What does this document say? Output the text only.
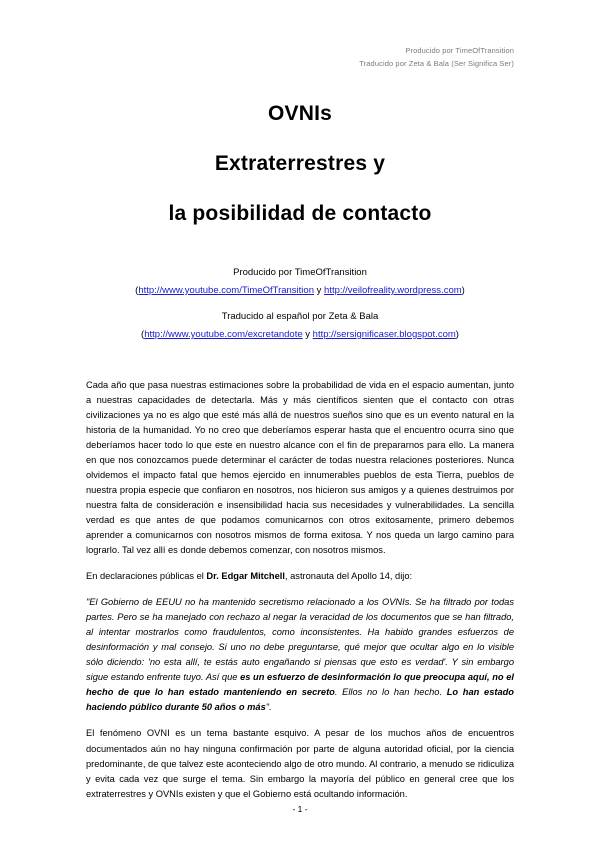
Producido por TimeOfTransition
Traducido por Zeta & Bala (Ser Significa Ser)
OVNIs
Extraterrestres y
la posibilidad de contacto
Producido por TimeOfTransition
(http://www.youtube.com/TimeOfTransition y http://veilofreality.wordpress.com)
Traducido al español por Zeta & Bala
(http://www.youtube.com/excretandote y http://sersignificaser.blogspot.com)

Cada año que pasa nuestras estimaciones sobre la probabilidad de vida en el espacio aumentan, junto a nuestras capacidades de detectarla. Más y más científicos sienten que el contacto con otras civilizaciones ya no es algo que esté más allá de nuestros sueños sino que es un evento natural en la historia de la humanidad. Yo no creo que deberíamos esperar hasta que el encuentro ocurra sino que deberíamos hacer todo lo que este en nuestro alcance con el fin de prepararnos para ello. La manera en que nos conozcamos puede determinar el carácter de todas nuestra relaciones posteriores. Nunca olvidemos el impacto fatal que hemos ejercido en innumerables pueblos de esta Tierra, pueblos de nuestra propia especie que confiaron en nosotros, nos hicieron sus amigos y a quienes destruimos por nuestra falta de consideración e insensibilidad hacia sus necesidades y vulnerabilidades. La sencilla verdad es que antes de que podamos comunicarnos con otros exitosamente, primero debemos aprender a comunicarnos con nosotros mismos de forma exitosa. Y nos queda un largo camino para lograrlo. Tal vez allí es donde debemos comenzar, con nosotros mismos.

En declaraciones públicas el Dr. Edgar Mitchell, astronauta del Apollo 14, dijo:

"El Gobierno de EEUU no ha mantenido secretismo relacionado a los OVNIs. Se ha filtrado por todas partes. Pero se ha manejado con rechazo al negar la veracidad de los documentos que se han filtrado, al intentar mostrarlos como fraudulentos, como inconsistentes. Ha habido grandes esfuerzos de desinformación y mal consejo. Si uno no debe preguntarse, qué mejor que ocultar algo en lo visible sólo diciendo: 'no esta allí, te estás auto engañando si piensas que esto es verdad'. Y sin embargo sigue estando enfrente tuyo. Así que es un esfuerzo de desinformación lo que preocupa aquí, no el hecho de que lo han estado manteniendo en secreto. Ellos no lo han hecho. Lo han estado haciendo público durante 50 años o más".

El fenómeno OVNI es un tema bastante esquivo. A pesar de los muchos años de encuentros documentados aún no hay ninguna confirmación por parte de alguna autoridad oficial, por la ciencia predominante, de que talvez este aconteciendo algo de otro mundo. Al contrario, a menudo se ridiculiza y evita cada vez que surge el tema. Sin embargo la mayoría del público en general cree que los extraterrestres y OVNIs existen y que el Gobierno está ocultando información.

- 1 -
